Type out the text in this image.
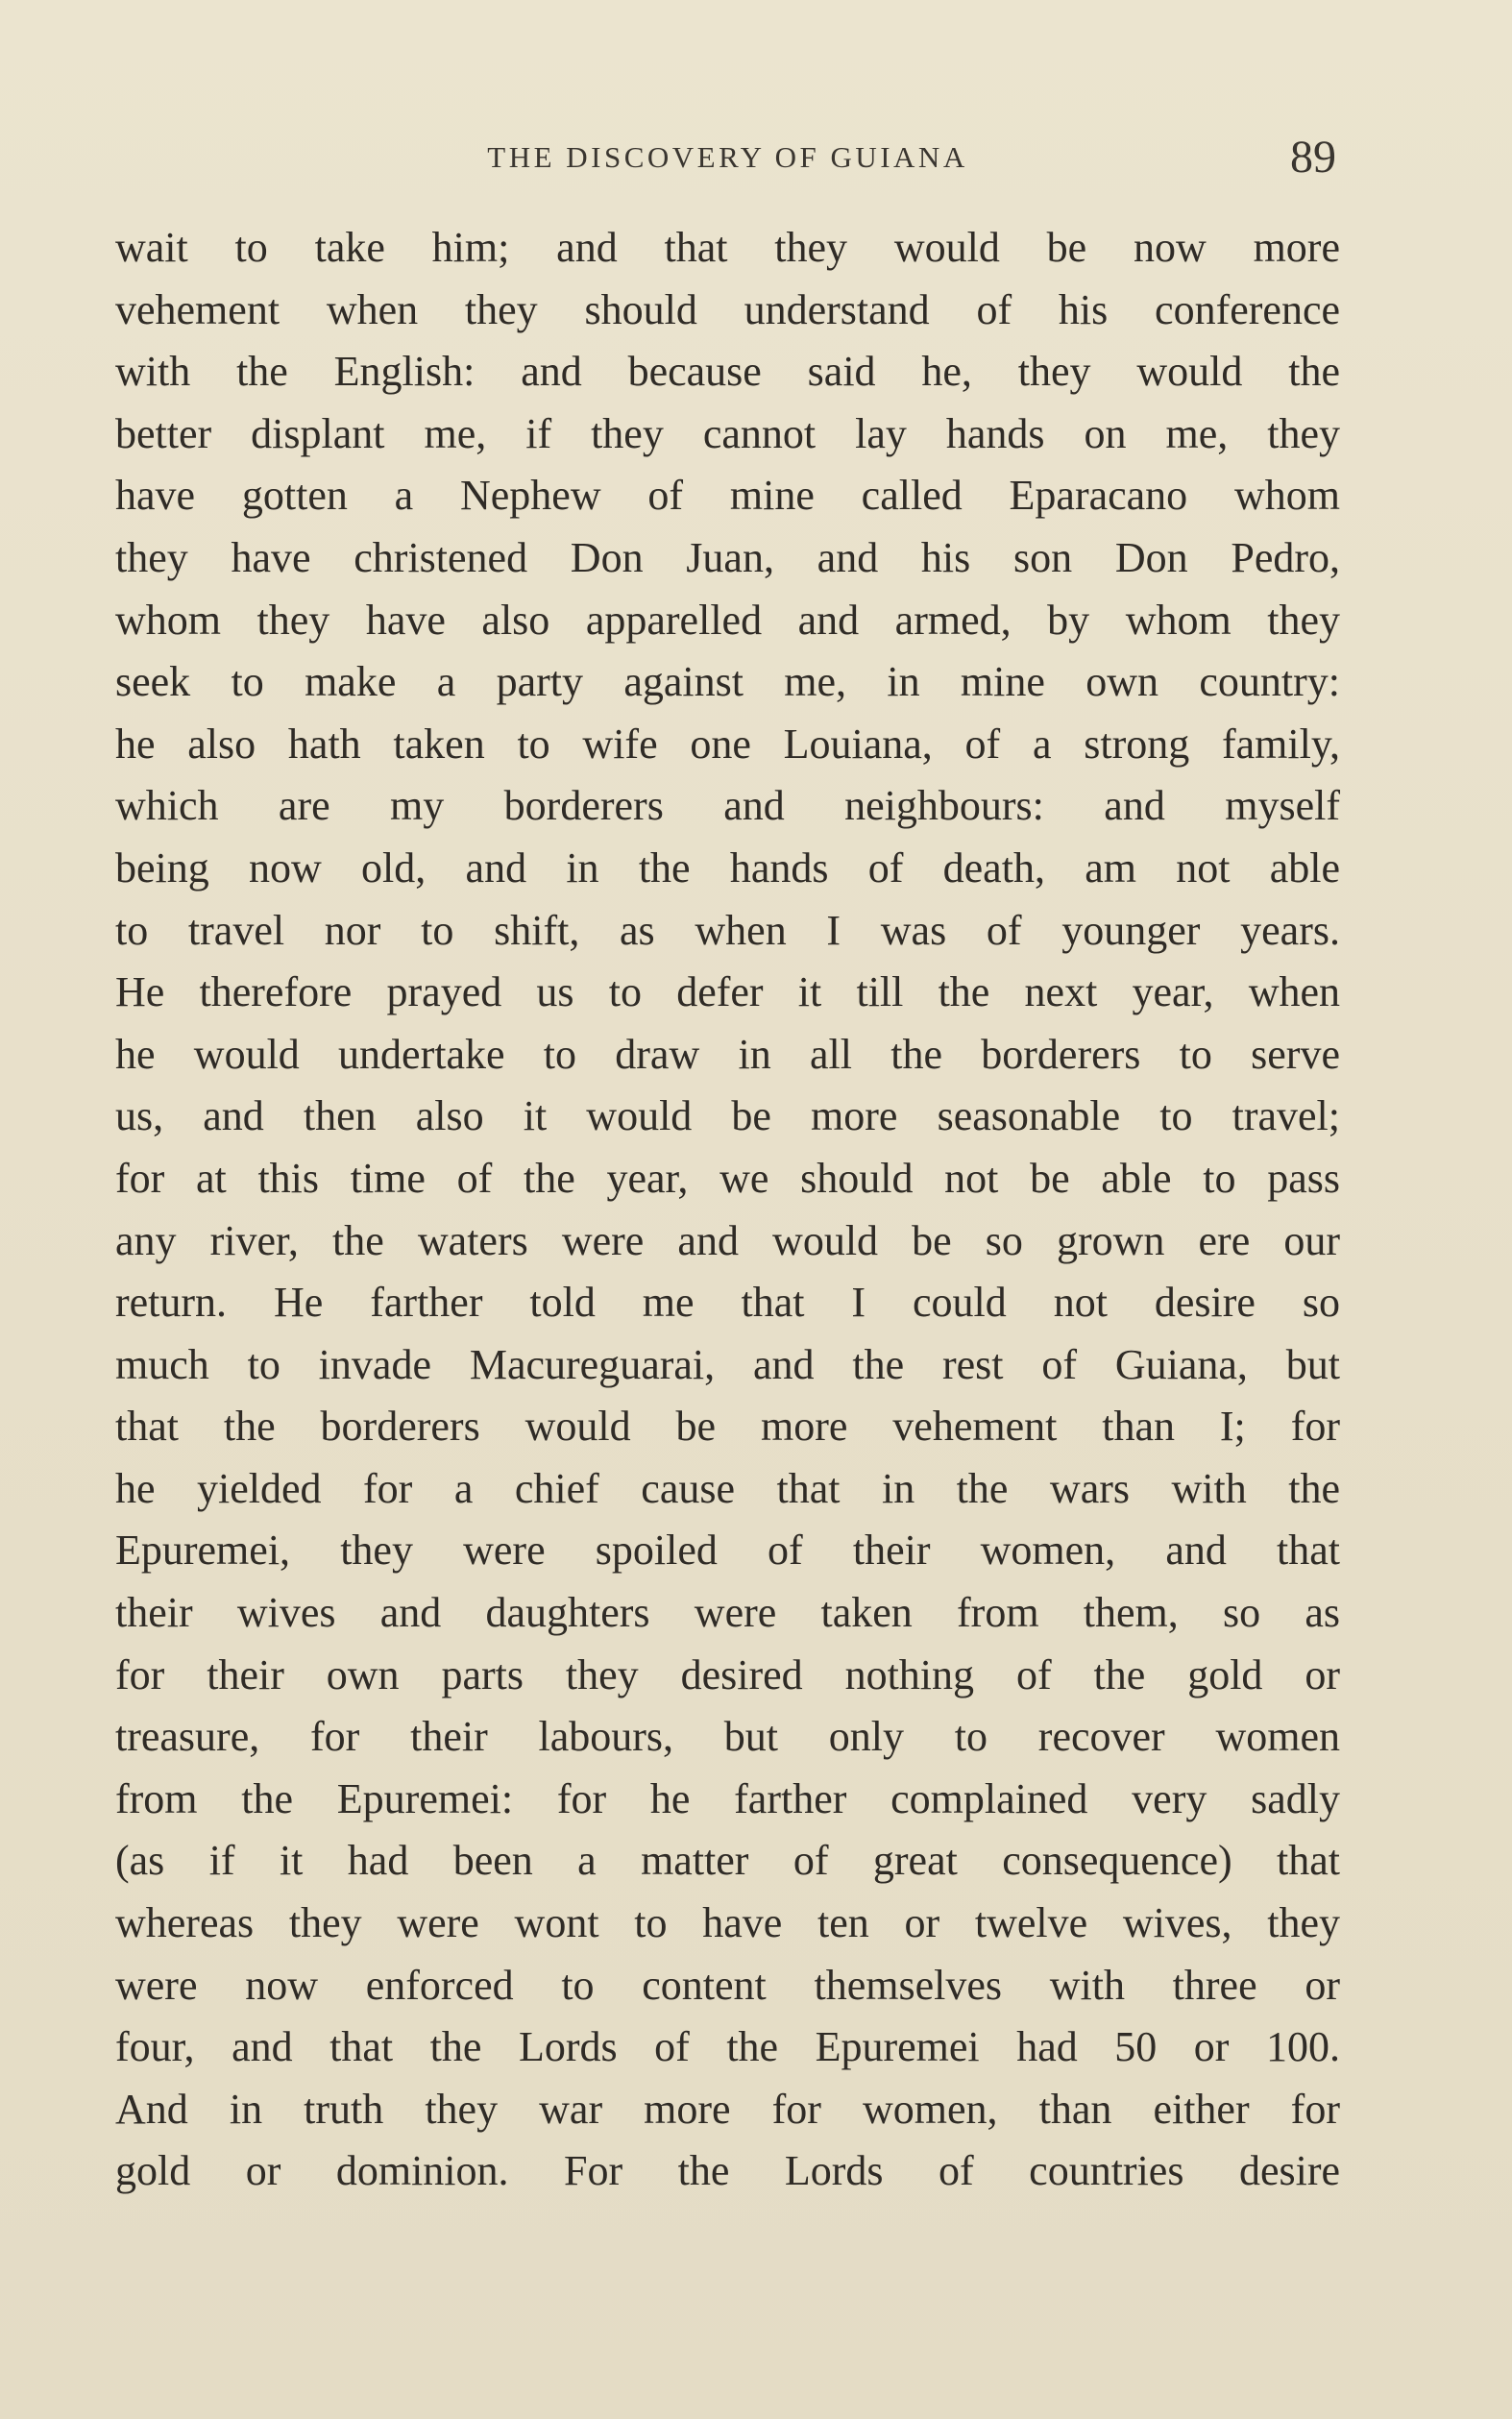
THE DISCOVERY OF GUIANA	89
wait to take him; and that they would be now more
vehement when they should understand of his conference
with the English: and because said he, they would the
better displant me, if they cannot lay hands on me, they
have gotten a Nephew of mine called Eparacano whom
they have christened Don Juan, and his son Don Pedro,
whom they have also apparelled and armed, by whom they
seek to make a party against me, in mine own country:
he also hath taken to wife one Louiana, of a strong family,
which are my borderers and neighbours: and myself
being now old, and in the hands of death, am not able
to travel nor to shift, as when I was of younger years.
He therefore prayed us to defer it till the next year, when
he would undertake to draw in all the borderers to serve
us, and then also it would be more seasonable to travel;
for at this time of the year, we should not be able to pass
any river, the waters were and would be so grown ere our
return. He farther told me that I could not desire so
much to invade Macureguarai, and the rest of Guiana, but
that the borderers would be more vehement than I; for
he yielded for a chief cause that in the wars with the
Epuremei, they were spoiled of their women, and that
their wives and daughters were taken from them, so as
for their own parts they desired nothing of the gold or
treasure, for their labours, but only to recover women
from the Epuremei: for he farther complained very sadly
(as if it had been a matter of great consequence) that
whereas they were wont to have ten or twelve wives, they
were now enforced to content themselves with three or
four, and that the Lords of the Epuremei had 50 or 100.
And in truth they war more for women, than either for
gold or dominion. For the Lords of countries desire
